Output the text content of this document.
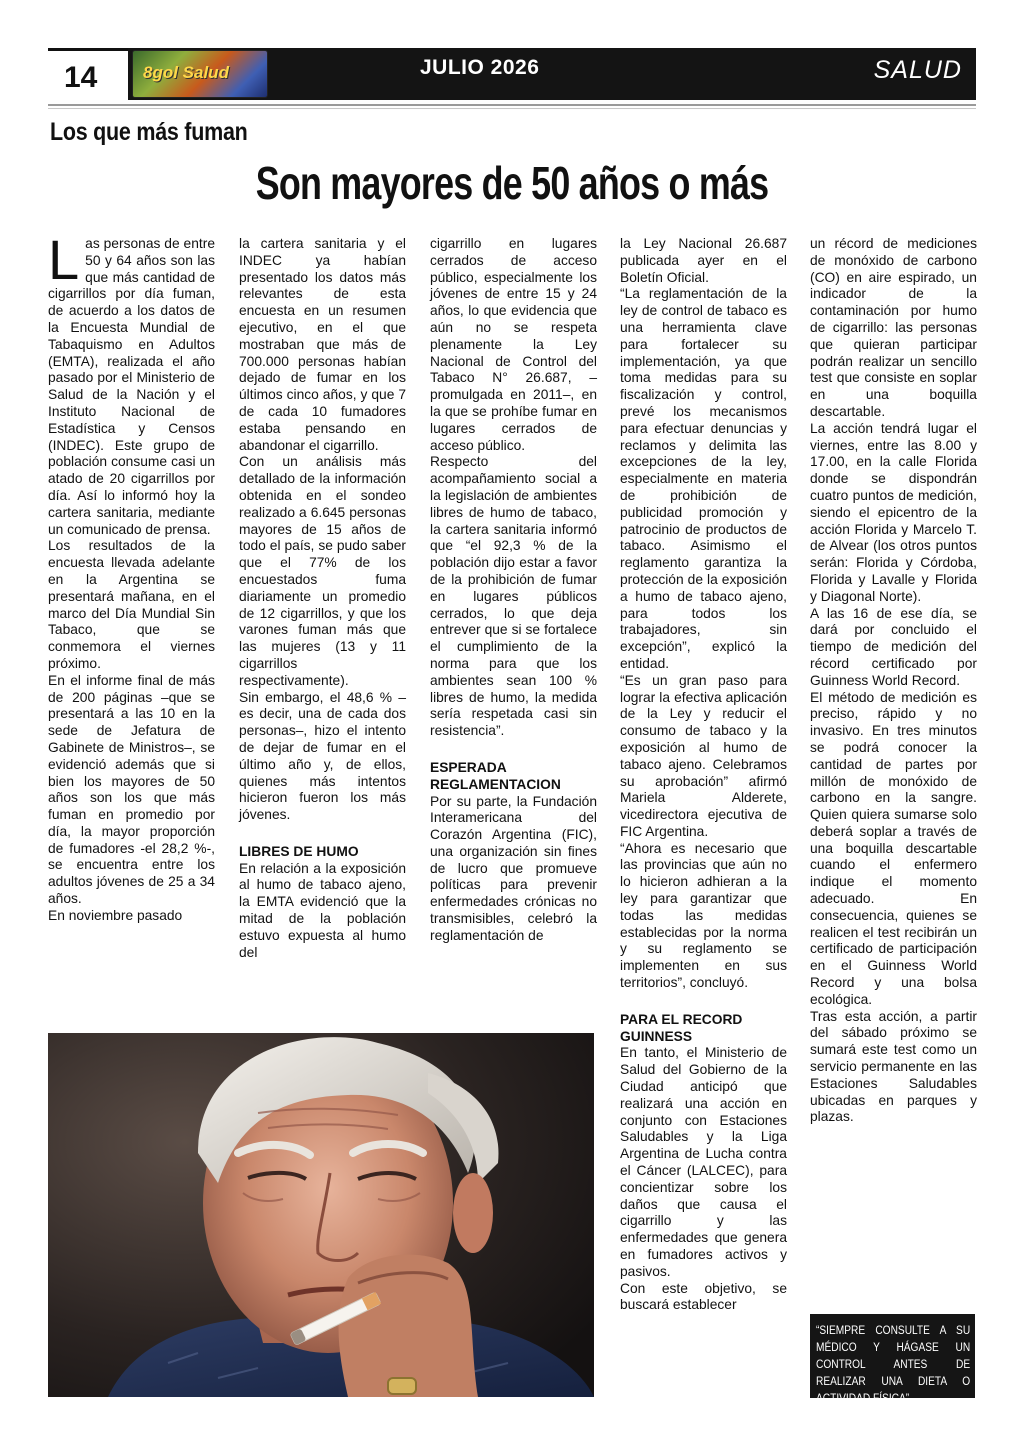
14	8gol Salud	JULIO 2026	SALUD
Los que más fuman
Son mayores de 50 años o más

Las personas de entre 50 y 64 años son las que más cantidad de cigarrillos por día fuman, de acuerdo a los datos de la Encuesta Mundial de Tabaquismo en Adultos (EMTA), realizada el año pasado por el Ministerio de Salud de la Nación y el Instituto Nacional de Estadística y Censos (INDEC). Este grupo de población consume casi un atado de 20 cigarrillos por día. Así lo informó hoy la cartera sanitaria, mediante un comunicado de prensa.

Los resultados de la encuesta llevada adelante en la Argentina se presentará mañana, en el marco del Día Mundial Sin Tabaco, que se conmemora el viernes próximo.

En el informe final de más de 200 páginas –que se presentará a las 10 en la sede de Jefatura de Gabinete de Ministros–, se evidenció además que si bien los mayores de 50 años son los que más fuman en promedio por día, la mayor proporción de fumadores -el 28,2 %-, se encuentra entre los adultos jóvenes de 25 a 34 años.

En noviembre pasado

la cartera sanitaria y el INDEC ya habían presentado los datos más relevantes de esta encuesta en un resumen ejecutivo, en el que mostraban que más de 700.000 personas habían dejado de fumar en los últimos cinco años, y que 7 de cada 10 fumadores estaba pensando en abandonar el cigarrillo.

Con un análisis más detallado de la información obtenida en el sondeo realizado a 6.645 personas mayores de 15 años de todo el país, se pudo saber que el 77% de los encuestados fuma diariamente un promedio de 12 cigarrillos, y que los varones fuman más que las mujeres (13 y 11 cigarrillos respectivamente).

Sin embargo, el 48,6 % –es decir, una de cada dos personas–, hizo el intento de dejar de fumar en el último año y, de ellos, quienes más intentos hicieron fueron los más jóvenes.

LIBRES DE HUMO

En relación a la exposición al humo de tabaco ajeno, la EMTA evidenció que la mitad de la población estuvo expuesta al humo del

cigarrillo en lugares cerrados de acceso público, especialmente los jóvenes de entre 15 y 24 años, lo que evidencia que aún no se respeta plenamente la Ley Nacional de Control del Tabaco N° 26.687, –promulgada en 2011–, en la que se prohíbe fumar en lugares cerrados de acceso público.

Respecto del acompañamiento social a la legislación de ambientes libres de humo de tabaco, la cartera sanitaria informó que “el 92,3 % de la población dijo estar a favor de la prohibición de fumar en lugares públicos cerrados, lo que deja entrever que si se fortalece el cumplimiento de la norma para que los ambientes sean 100 % libres de humo, la medida sería respetada casi sin resistencia”.

ESPERADA REGLAMENTACION

Por su parte, la Fundación Interamericana del Corazón Argentina (FIC), una organización sin fines de lucro que promueve políticas para prevenir enfermedades crónicas no transmisibles, celebró la reglamentación de

la Ley Nacional 26.687 publicada ayer en el Boletín Oficial.

“La reglamentación de la ley de control de tabaco es una herramienta clave para fortalecer su implementación, ya que toma medidas para su fiscalización y control, prevé los mecanismos para efectuar denuncias y reclamos y delimita las excepciones de la ley, especialmente en materia de prohibición de publicidad promoción y patrocinio de productos de tabaco. Asimismo el reglamento garantiza la protección de la exposición a humo de tabaco ajeno, para todos los trabajadores, sin excepción”, explicó la entidad.

“Es un gran paso para lograr la efectiva aplicación de la Ley y reducir el consumo de tabaco y la exposición al humo de tabaco ajeno. Celebramos su aprobación” afirmó Mariela Alderete, vicedirectora ejecutiva de FIC Argentina.

“Ahora es necesario que las provincias que aún no lo hicieron adhieran a la ley para garantizar que todas las medidas establecidas por la norma y su reglamento se implementen en sus territorios”, concluyó.

PARA EL RECORD GUINNESS

En tanto, el Ministerio de Salud del Gobierno de la Ciudad anticipó que realizará una acción en conjunto con Estaciones Saludables y la Liga Argentina de Lucha contra el Cáncer (LALCEC), para concientizar sobre los daños que causa el cigarrillo y las enfermedades que genera en fumadores activos y pasivos.

Con este objetivo, se buscará establecer

un récord de mediciones de monóxido de carbono (CO) en aire espirado, un indicador de la contaminación por humo de cigarrillo: las personas que quieran participar podrán realizar un sencillo test que consiste en soplar en una boquilla descartable.

La acción tendrá lugar el viernes, entre las 8.00 y 17.00, en la calle Florida donde se dispondrán cuatro puntos de medición, siendo el epicentro de la acción Florida y Marcelo T. de Alvear (los otros puntos serán: Florida y Córdoba, Florida y Lavalle y Florida y Diagonal Norte).

A las 16 de ese día, se dará por concluido el tiempo de medición del récord certificado por Guinness World Record.

El método de medición es preciso, rápido y no invasivo. En tres minutos se podrá conocer la cantidad de partes por millón de monóxido de carbono en la sangre. Quien quiera sumarse solo deberá soplar a través de una boquilla descartable cuando el enfermero indique el momento adecuado. En consecuencia, quienes se realicen el test recibirán un certificado de participación en el Guinness World Record y una bolsa ecológica.

Tras esta acción, a partir del sábado próximo se sumará este test como un servicio permanente en las Estaciones Saludables ubicadas en parques y plazas.

“SIEMPRE CONSULTE A SU MÉDICO Y HÁGASE UN CONTROL ANTES DE REALIZAR UNA DIETA O ACTIVIDAD FÍSICA”
